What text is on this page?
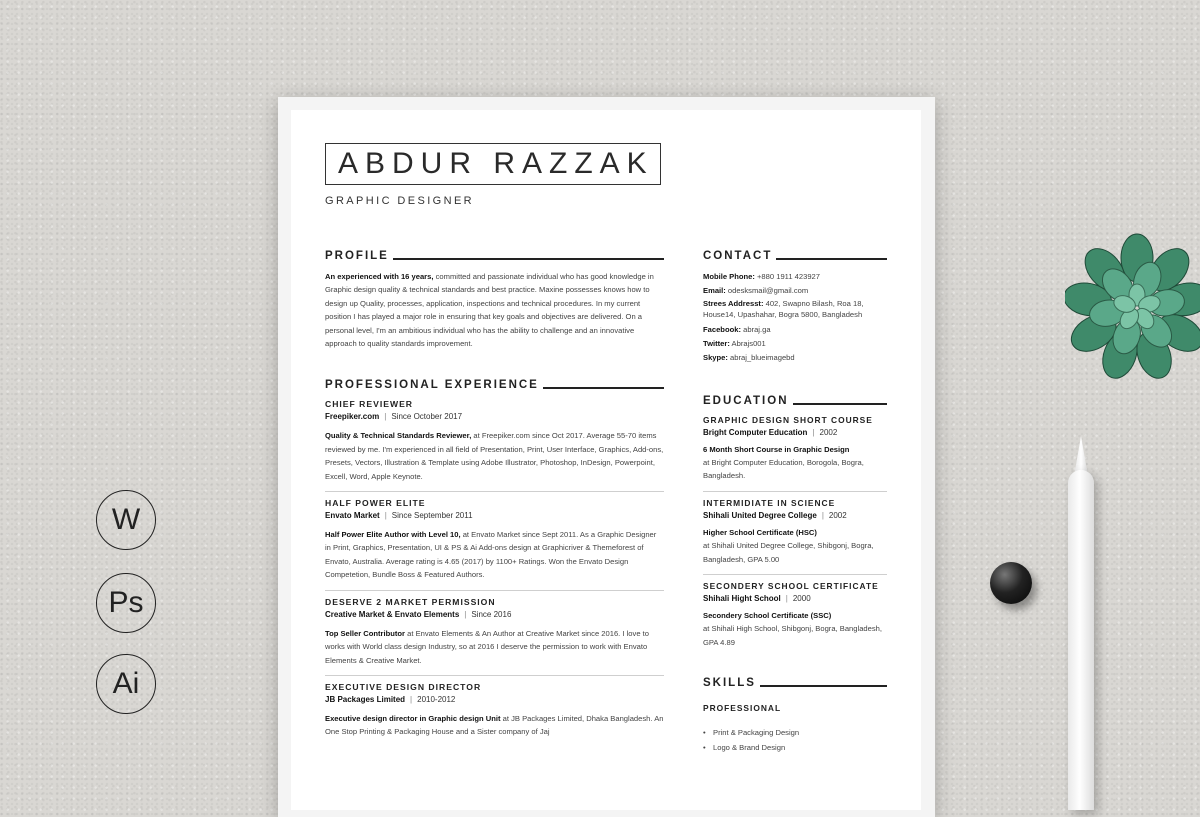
W
Ps
Ai
ABDUR RAZZAK
GRAPHIC DESIGNER
PROFILE
An experienced with 16 years, committed and passionate individual who has good knowledge in Graphic design quality & technical standards and best practice. Maxine possesses knows how to design up Quality, processes, application, inspections and technical procedures. In my current position I has played a major role in ensuring that key goals and objectives are delivered. On a personal level, I'm an ambitious individual who has the ability to challenge and an innovative approach to quality standards improvement.
PROFESSIONAL EXPERIENCE
CHIEF REVIEWER
Freepiker.com | Since October 2017
Quality & Technical Standards Reviewer, at Freepiker.com since Oct 2017. Average 55-70 items reviewed by me. I'm experienced in all field of Presentation, Print, User Interface, Graphics, Add-ons, Presets, Vectors, Illustration & Template using Adobe Illustrator, Photoshop, InDesign, Powerpoint, Excell, Word, Apple Keynote.
HALF POWER ELITE
Envato Market | Since September 2011
Half Power Elite Author with Level 10, at Envato Market since Sept 2011. As a Graphic Designer in Print, Graphics, Presentation, UI & PS & Ai Add-ons design at Graphicriver & Themeforest of Envato, Australia. Average rating is 4.65 (2017) by 1100+ Ratings. Won the Envato Design Competetion, Bundle Boss & Featured Authors.
DESERVE 2 MARKET PERMISSION
Creative Market & Envato Elements | Since 2016
Top Seller Contributor at Envato Elements & An Author at Creative Market since 2016. I love to works with World class design Industry, so at 2016 I deserve the permission to work with Envato Elements & Creative Market.
EXECUTIVE DESIGN DIRECTOR
JB Packages Limited | 2010-2012
Executive design director in Graphic design Unit at JB Packages Limited, Dhaka Bangladesh. An One Stop Printing & Packaging House and a Sister company of Jaj
CONTACT
Mobile Phone: +880 1911 423927
Email: odesksmail@gmail.com
Strees Addresst: 402, Swapno Bilash, Roa 18, House14, Upashahar, Bogra 5800, Bangladesh
Facebook: abraj.ga
Twitter: Abrajs001
Skype: abraj_blueimagebd
EDUCATION
GRAPHIC DESIGN SHORT COURSE
Bright Computer Education | 2002
6 Month Short Course in Graphic Design
at Bright Computer Education, Borogola, Bogra, Bangladesh.
INTERMIDIATE IN SCIENCE
Shihali United Degree College | 2002
Higher School Certificate (HSC)
at Shihali United Degree College, Shibgonj, Bogra, Bangladesh, GPA 5.00
SECONDERY SCHOOL CERTIFICATE
Shihali Hight School | 2000
Secondery School Certificate (SSC)
at Shihali High School, Shibgonj, Bogra, Bangladesh, GPA 4.89
SKILLS
PROFESSIONAL
• Print & Packaging Design
• Logo & Brand Design
